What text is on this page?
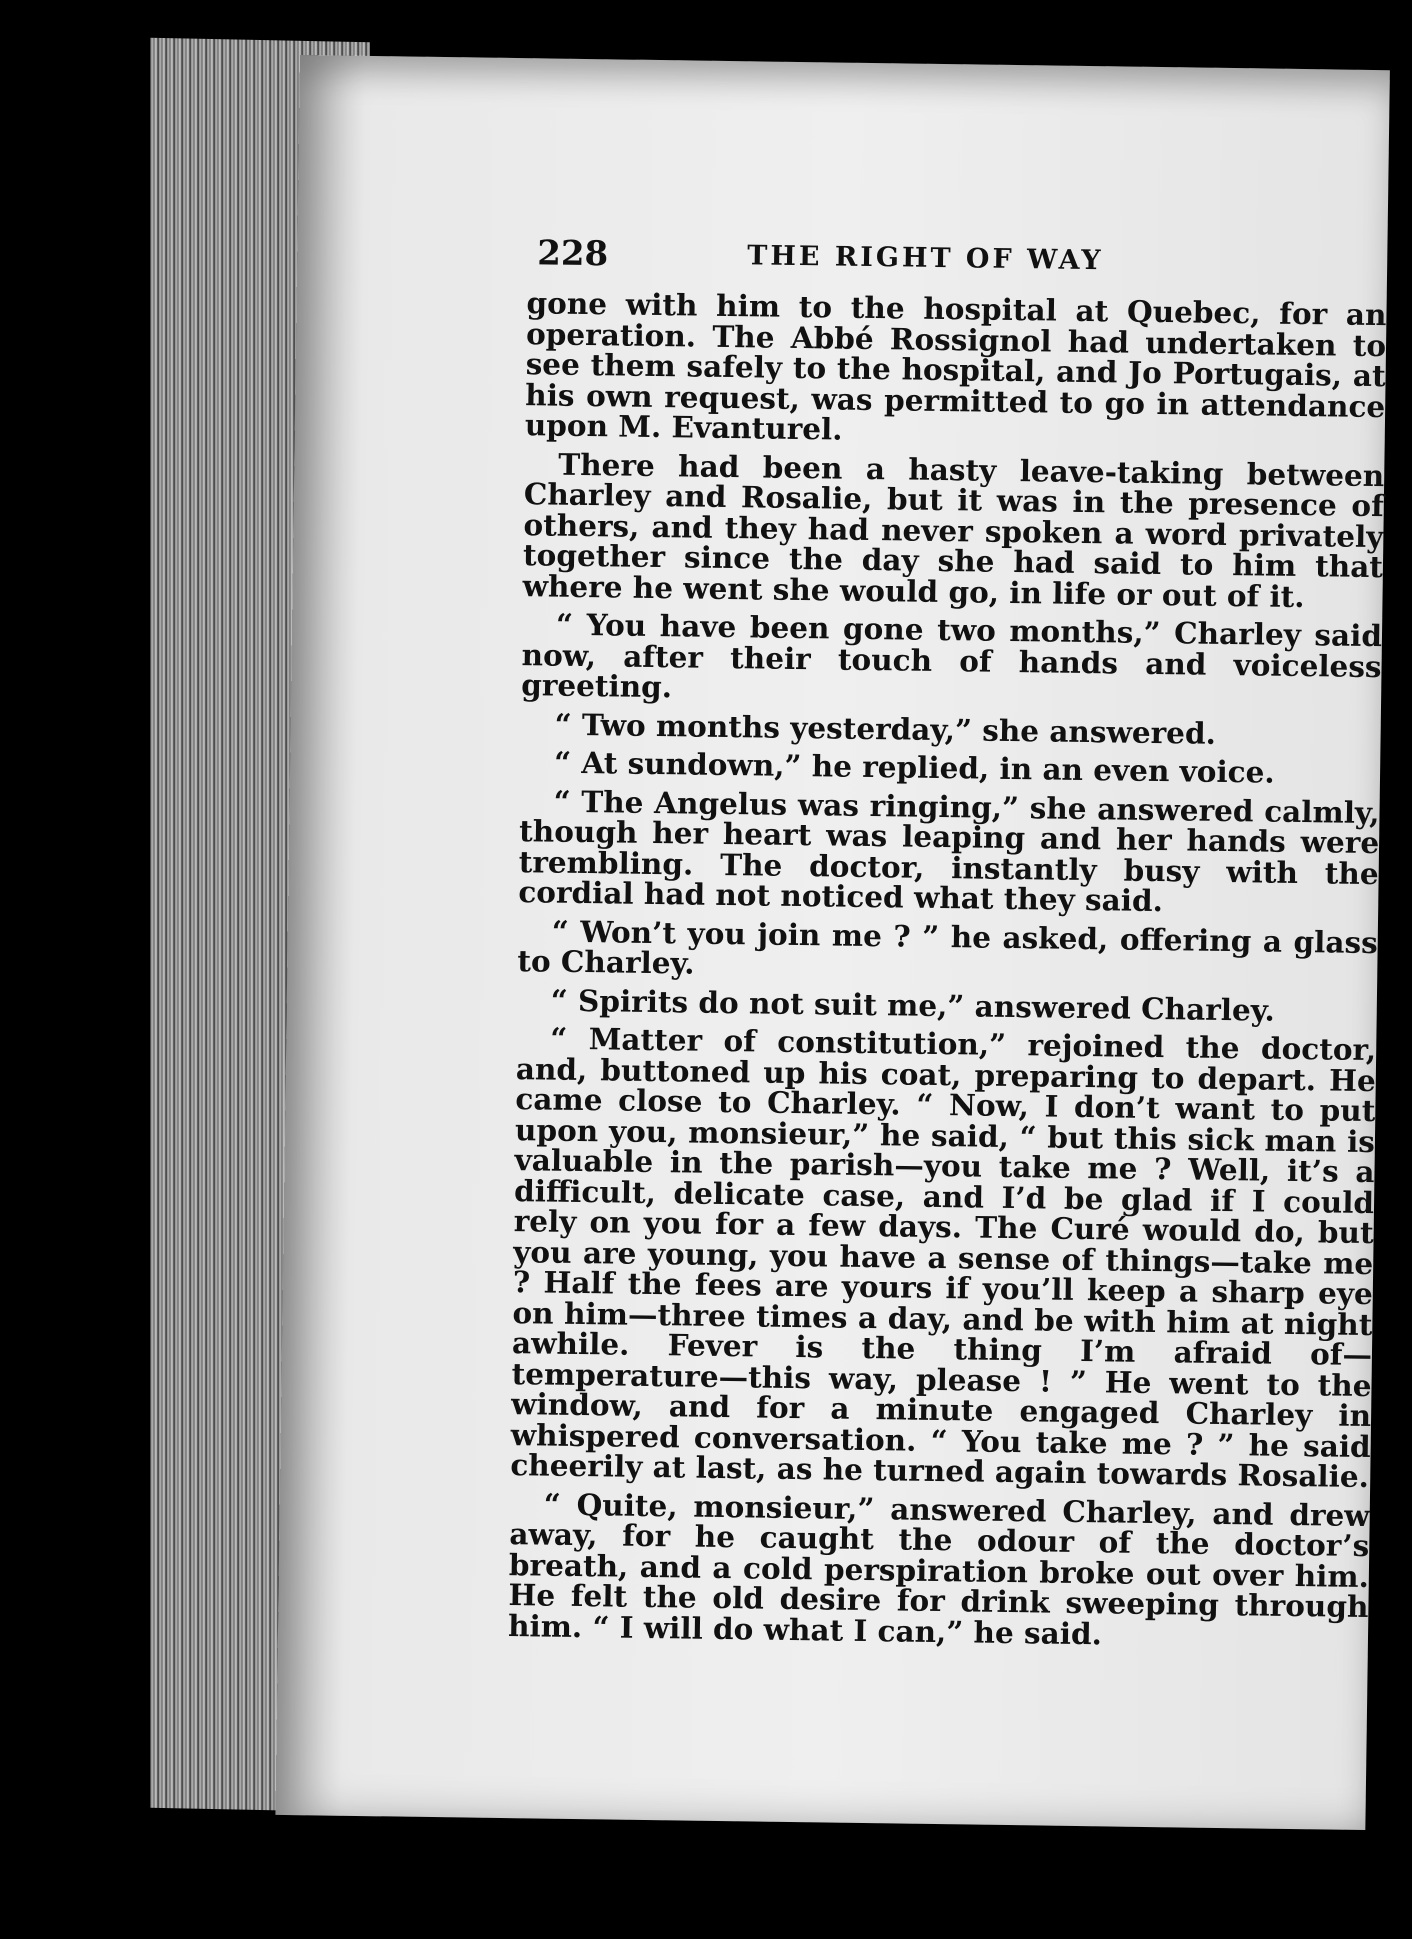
228	THE RIGHT OF WAY

gone with him to the hospital at Quebec, for an operation. The Abbé Rossignol had undertaken to see them safely to the hospital, and Jo Portugais, at his own request, was permitted to go in attendance upon M. Evanturel.

There had been a hasty leave-taking between Charley and Rosalie, but it was in the presence of others, and they had never spoken a word privately together since the day she had said to him that where he went she would go, in life or out of it.

“ You have been gone two months,” Charley said now, after their touch of hands and voiceless greeting.

“ Two months yesterday,” she answered.

“ At sundown,” he replied, in an even voice.

“ The Angelus was ringing,” she answered calmly, though her heart was leaping and her hands were trembling. The doctor, instantly busy with the cordial had not noticed what they said.

“ Won’t you join me ? ” he asked, offering a glass to Charley.

“ Spirits do not suit me,” answered Charley.

“ Matter of constitution,” rejoined the doctor, and, buttoned up his coat, preparing to depart. He came close to Charley. “ Now, I don’t want to put upon you, monsieur,” he said, “ but this sick man is valuable in the parish—you take me ? Well, it’s a difficult, delicate case, and I’d be glad if I could rely on you for a few days. The Curé would do, but you are young, you have a sense of things—take me ? Half the fees are yours if you’ll keep a sharp eye on him—three times a day, and be with him at night awhile. Fever is the thing I’m afraid of—temperature—this way, please ! ” He went to the window, and for a minute engaged Charley in whispered conversation. “ You take me ? ” he said cheerily at last, as he turned again towards Rosalie.

“ Quite, monsieur,” answered Charley, and drew away, for he caught the odour of the doctor’s breath, and a cold perspiration broke out over him. He felt the old desire for drink sweeping through him. “ I will do what I can,” he said.
